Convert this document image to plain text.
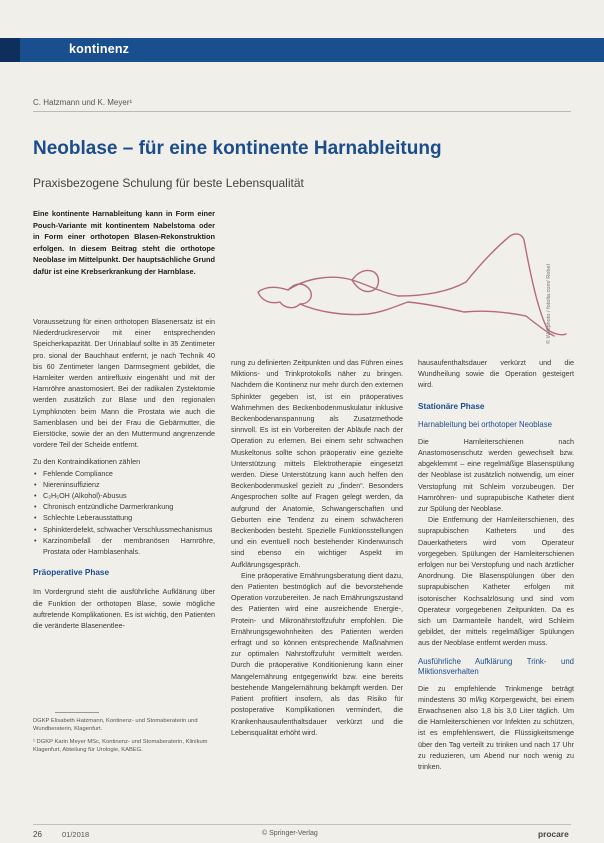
kontinenz
C. Hatzmann und K. Meyer¹
Neoblase – für eine kontinente Harnableitung
Praxisbezogene Schulung für beste Lebensqualität
Eine kontinente Harnableitung kann in Form einer Pouch-Variante mit kontinentem Nabelstoma oder in Form einer orthotopen Blasen-Rekonstruktion erfolgen. In diesem Beitrag steht die orthotope Neoblase im Mittelpunkt. Der hauptsächliche Grund dafür ist eine Krebserkrankung der Harnblase.	© Wellphoto / fotolia.com/ Rebel

Voraussetzung für einen orthotopen Blasenersatz ist ein Niederdruckreservoir mit einer entsprechenden Speicherkapazität. Der Urinablauf sollte in 35 Zentimeter pro. sional der Bauchhaut entfernt, je nach Technik 40 bis 60 Zentimeter langen Darmsegment gebildet, die Harnleiter werden antirefluxiv eingenäht und mit der Harnröhre anastomosiert. Bei der radikalen Zystektomie werden zusätzlich zur Blase und den regionalen Lymphknoten beim Mann die Prostata wie auch die Samenblasen und bei der Frau die Gebärmutter, die Eierstöcke, sowie der an den Muttermund angrenzende vordere Teil der Scheide entfernt.

Zu den Kontraindikationen zählen

• Fehlende Compliance
• Niereninsuffizienz
• C₂H₅OH (Alkohol)-Abusus
• Chronisch entzündliche Darmerkrankung
• Schlechte Leberausstattung
• Sphinkterdefekt, schwacher Verschlussmechanismus
• Karzinombefall der membranösen Harnröhre, Prostata oder Harnblasenhals.
Präoperative Phase

Im Vordergrund steht die ausführliche Aufklärung über die Funktion der orthotopen Blase, sowie mögliche auftretende Komplikationen. Es ist wichtig, den Patienten die veränderte Blasenentlee-

DGKP Elisabeth Hatzmann, Kontinenz- und Stomaberaterin und Wundberaterin, Klagenfurt.

¹ DGKP Karin Meyer MSc, Kontinenz- und Stomaberaterin, Klinikum Klagenfurt, Abteilung für Urologie, KABEG.

rung zu definierten Zeitpunkten und das Führen eines Miktions- und Trinkprotokolls näher zu bringen. Nachdem die Kontinenz nur mehr durch den externen Sphinkter gegeben ist, ist ein präoperatives Wahrnehmen des Beckenbodenmuskulatur inklusive Beckenbodenanspannung als Zusatzmethode sinnvoll. Es ist ein Vorbereiten der Abläufe nach der Operation zu erlernen. Bei einem sehr schwachen Muskeltonus sollte schon präoperativ eine gezielte Unterstützung mittels Elektrotherapie eingesetzt werden. Diese Unterstützung kann auch helfen den Beckenbodenmuskel gezielt zu „finden“. Besonders Angesprochen sollte auf Fragen gelegt werden, da aufgrund der Anatomie, Schwangerschaften und Geburten eine Tendenz zu einem schwächeren Beckenboden besteht. Spezielle Funktionsstellungen und ein eventuell noch bestehender Kinderwunsch sind ebenso ein wichtiger Aspekt im Aufklärungsgespräch.

Eine präoperative Ernährungsberatung dient dazu, den Patienten bestmöglich auf die bevorstehende Operation vorzubereiten. Je nach Ernährungszustand des Patienten wird eine ausreichende Energie-, Protein- und Mikronährstoffzufuhr empfohlen. Die Ernährungsgewohnheiten des Patienten werden erfragt und so können entsprechende Maßnahmen zur optimalen Nahrstoffzufuhr vermittelt werden. Durch die präoperative Konditionierung kann einer Mangelernährung entgegenwirkt bzw. eine bereits bestehende Mangelernährung bekämpft werden. Der Patient profitiert insofern, als das Risiko für postoperative Komplikationen vermindert, die Krankenhausaufenthaltsdauer verkürzt und die Lebensqualität erhöht wird.

hausaufenthaltsdauer verkürzt und die Wundheilung sowie die Operation gesteigert wird.

Stationäre Phase
Harnableitung bei orthotoper Neoblase

Die Harnleiterschienen nach Anastomosenschutz werden gewechselt bzw. abgeklemmt – eine regelmäßige Blasenspülung der Neoblase ist zusätzlich notwendig, um einer Verstopfung mit Schleim vorzubeugen. Der Harnröhren- und suprapubische Katheter dient zur Spülung der Neoblase.

Die Entfernung der Harnleiterschienen, des suprapubischen Katheters und des Dauerkatheters wird vom Operateur vorgegeben. Spülungen der Harnleiterschienen erfolgen nur bei Verstopfung und nach ärztlicher Anordnung. Die Blasenspülungen über den suprapubischen Katheter erfolgen mit isotonischer Kochsalzlösung und sind vom Operateur vorgegebenen Zeitpunkten. Da es sich um Darmanteile handelt, wird Schleim gebildet, der mittels regelmäßiger Spülungen aus der Neoblase entfernt werden muss.

Ausführliche Aufklärung Trink- und Miktionsverhalten

Die zu empfehlende Trinkmenge beträgt mindestens 30 ml/kg Körpergewicht, bei einem Erwachsenen also 1,8 bis 3,0 Liter täglich. Um die Harnleiterschienen vor Infekten zu schützen, ist es empfehlenswert, die Flüssigkeitsmenge über den Tag verteilt zu trinken und nach 17 Uhr zu reduzieren, um Abend nur noch wenig zu trinken.

26	01/2018	© Springer-Verlag	procare
